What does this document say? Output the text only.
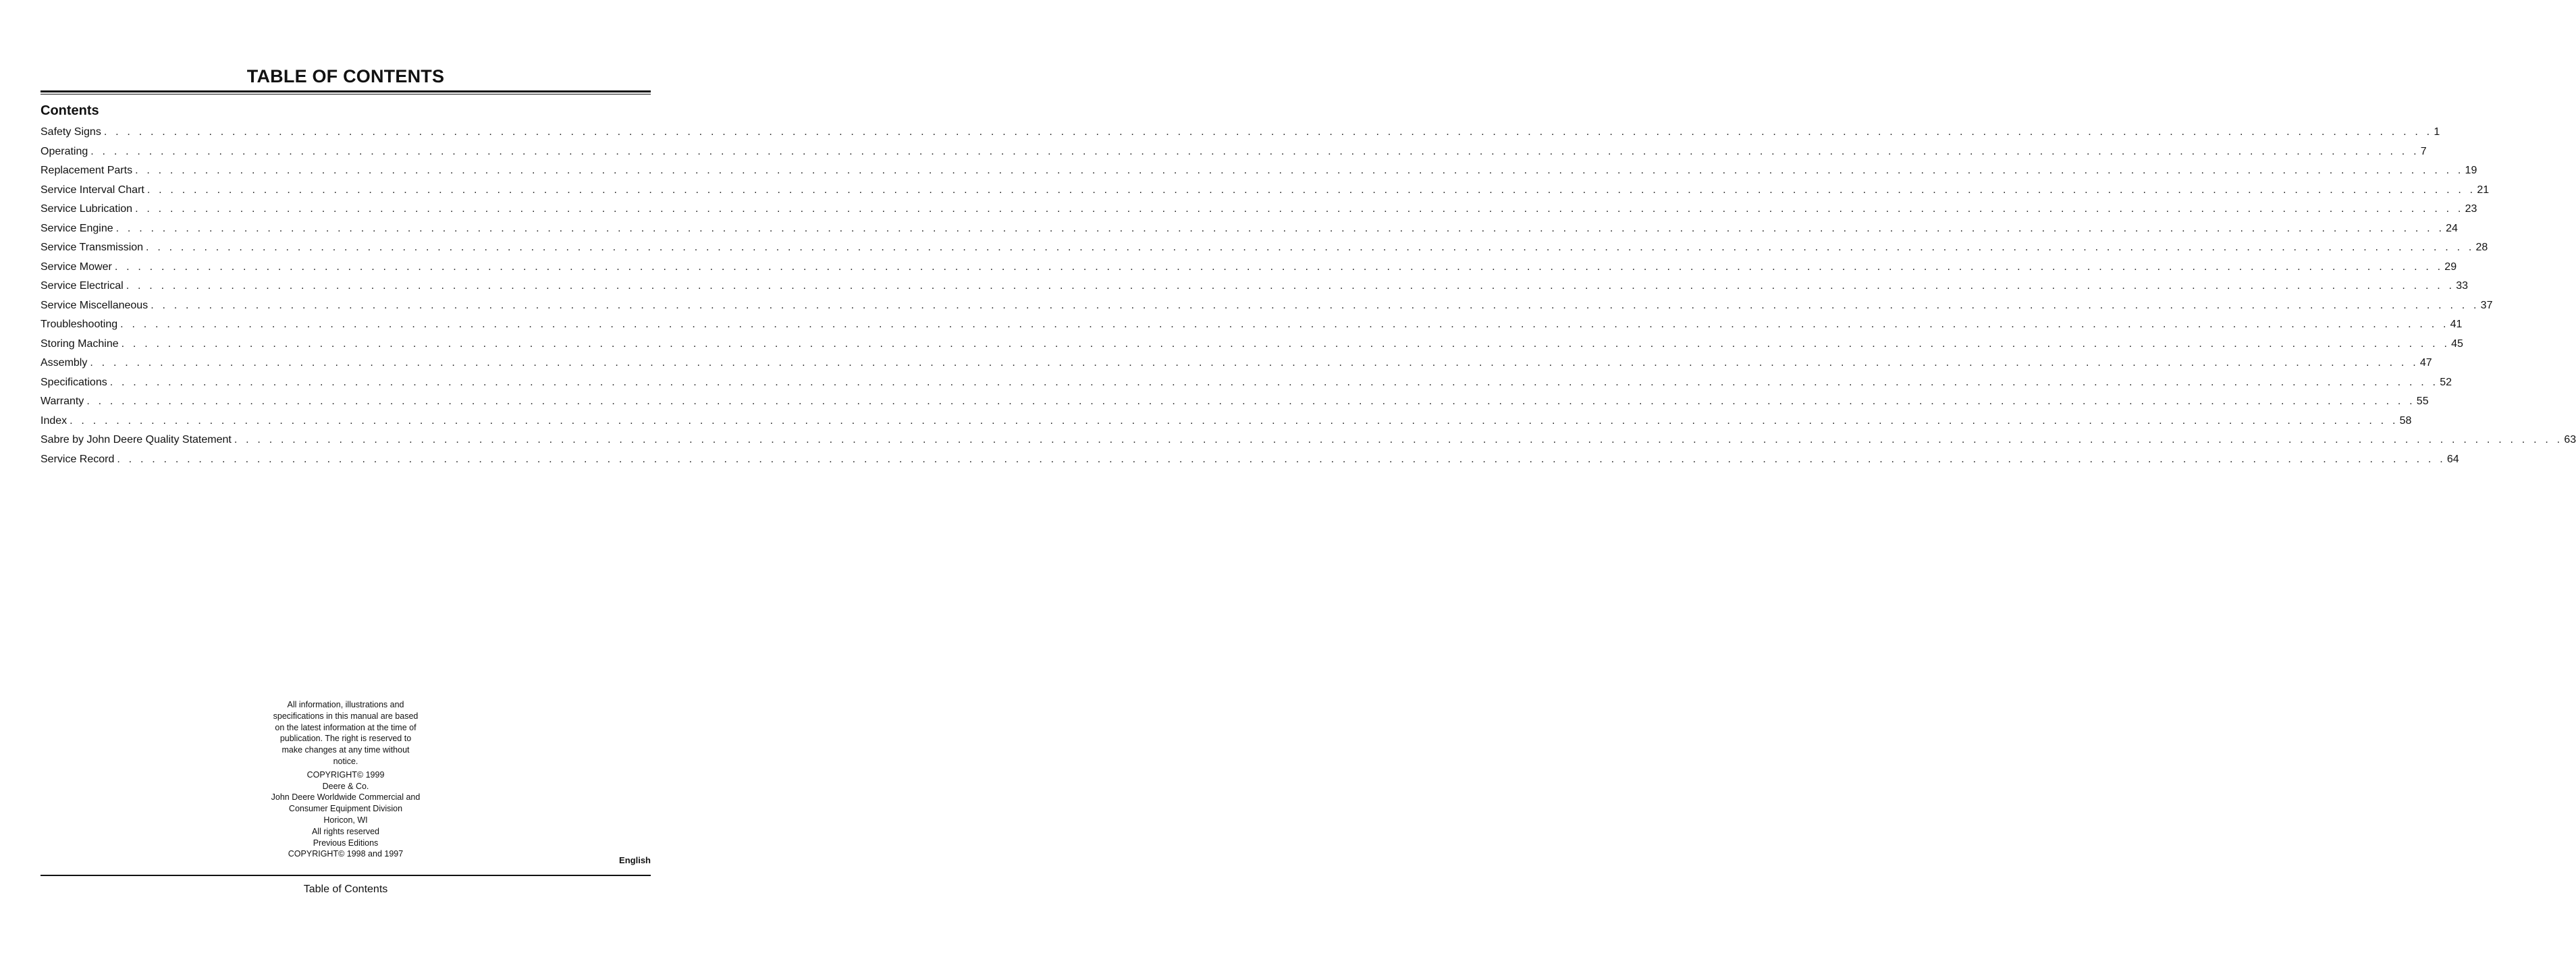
TABLE OF CONTENTS
Contents
Safety Signs . . . . . . . . . . . . . . . . . . . . . . . . . . . . . . . . . . . . . . . . . . . . . . . . . . . . . . . . . . . . . . . . . . . . . . . . . . . . . . . . . . . . . . . . . . . . . . . . . . . . . . . . . . . . . . . . . . . . . . . . . . . . . . . . . . . . . . . . . . . . . . . . . . . . . . . . . . . . . . . . . . . . . . . . . . . . . . . . . . . . . . . . . . . . . . . . . . . . . . . . 1
Operating . . . . . . . . . . . . . . . . . . . . . . . . . . . . . . . . . . . . . . . . . . . . . . . . . . . . . . . . . . . . . . . . . . . . . . . . . . . . . . . . . . . . . . . . . . . . . . . . . . . . . . . . . . . . . . . . . . . . . . . . . . . . . . . . . . . . . . . . . . . . . . . . . . . . . . . . . . . . . . . . . . . . . . . . . . . . . . . . . . . . . . . . . . . . . . . . . . . . . . . . 7
Replacement Parts . . . . . . . . . . . . . . . . . . . . . . . . . . . . . . . . . . . . . . . . . . . . . . . . . . . . . . . . . . . . . . . . . . . . . . . . . . . . . . . . . . . . . . . . . . . . . . . . . . . . . . . . . . . . . . . . . . . . . . . . . . . . . . . . . . . . . . . . . . . . . . . . . . . . . . . . . . . . . . . . . . . . . . . . . . . . . . . . . . . . . . . . . . . . . . . . . . . . . . . . 19
Service Interval Chart . . . . . . . . . . . . . . . . . . . . . . . . . . . . . . . . . . . . . . . . . . . . . . . . . . . . . . . . . . . . . . . . . . . . . . . . . . . . . . . . . . . . . . . . . . . . . . . . . . . . . . . . . . . . . . . . . . . . . . . . . . . . . . . . . . . . . . . . . . . . . . . . . . . . . . . . . . . . . . . . . . . . . . . . . . . . . . . . . . . . . . . . . . . . . . . . . . . . . . . . 21
Service Lubrication . . . . . . . . . . . . . . . . . . . . . . . . . . . . . . . . . . . . . . . . . . . . . . . . . . . . . . . . . . . . . . . . . . . . . . . . . . . . . . . . . . . . . . . . . . . . . . . . . . . . . . . . . . . . . . . . . . . . . . . . . . . . . . . . . . . . . . . . . . . . . . . . . . . . . . . . . . . . . . . . . . . . . . . . . . . . . . . . . . . . . . . . . . . . . . . . . . . . . . . . 23
Service Engine . . . . . . . . . . . . . . . . . . . . . . . . . . . . . . . . . . . . . . . . . . . . . . . . . . . . . . . . . . . . . . . . . . . . . . . . . . . . . . . . . . . . . . . . . . . . . . . . . . . . . . . . . . . . . . . . . . . . . . . . . . . . . . . . . . . . . . . . . . . . . . . . . . . . . . . . . . . . . . . . . . . . . . . . . . . . . . . . . . . . . . . . . . . . . . . . . . . . . . . . 24
Service Transmission . . . . . . . . . . . . . . . . . . . . . . . . . . . . . . . . . . . . . . . . . . . . . . . . . . . . . . . . . . . . . . . . . . . . . . . . . . . . . . . . . . . . . . . . . . . . . . . . . . . . . . . . . . . . . . . . . . . . . . . . . . . . . . . . . . . . . . . . . . . . . . . . . . . . . . . . . . . . . . . . . . . . . . . . . . . . . . . . . . . . . . . . . . . . . . . . . . . . . . . . 28
Service Mower . . . . . . . . . . . . . . . . . . . . . . . . . . . . . . . . . . . . . . . . . . . . . . . . . . . . . . . . . . . . . . . . . . . . . . . . . . . . . . . . . . . . . . . . . . . . . . . . . . . . . . . . . . . . . . . . . . . . . . . . . . . . . . . . . . . . . . . . . . . . . . . . . . . . . . . . . . . . . . . . . . . . . . . . . . . . . . . . . . . . . . . . . . . . . . . . . . . . . . . . 29
Service Electrical . . . . . . . . . . . . . . . . . . . . . . . . . . . . . . . . . . . . . . . . . . . . . . . . . . . . . . . . . . . . . . . . . . . . . . . . . . . . . . . . . . . . . . . . . . . . . . . . . . . . . . . . . . . . . . . . . . . . . . . . . . . . . . . . . . . . . . . . . . . . . . . . . . . . . . . . . . . . . . . . . . . . . . . . . . . . . . . . . . . . . . . . . . . . . . . . . . . . . . . . 33
Service Miscellaneous . . . . . . . . . . . . . . . . . . . . . . . . . . . . . . . . . . . . . . . . . . . . . . . . . . . . . . . . . . . . . . . . . . . . . . . . . . . . . . . . . . . . . . . . . . . . . . . . . . . . . . . . . . . . . . . . . . . . . . . . . . . . . . . . . . . . . . . . . . . . . . . . . . . . . . . . . . . . . . . . . . . . . . . . . . . . . . . . . . . . . . . . . . . . . . . . . . . . . . . . 37
Troubleshooting . . . . . . . . . . . . . . . . . . . . . . . . . . . . . . . . . . . . . . . . . . . . . . . . . . . . . . . . . . . . . . . . . . . . . . . . . . . . . . . . . . . . . . . . . . . . . . . . . . . . . . . . . . . . . . . . . . . . . . . . . . . . . . . . . . . . . . . . . . . . . . . . . . . . . . . . . . . . . . . . . . . . . . . . . . . . . . . . . . . . . . . . . . . . . . . . . . . . . . . . 41
Storing Machine . . . . . . . . . . . . . . . . . . . . . . . . . . . . . . . . . . . . . . . . . . . . . . . . . . . . . . . . . . . . . . . . . . . . . . . . . . . . . . . . . . . . . . . . . . . . . . . . . . . . . . . . . . . . . . . . . . . . . . . . . . . . . . . . . . . . . . . . . . . . . . . . . . . . . . . . . . . . . . . . . . . . . . . . . . . . . . . . . . . . . . . . . . . . . . . . . . . . . . . . 45
Assembly . . . . . . . . . . . . . . . . . . . . . . . . . . . . . . . . . . . . . . . . . . . . . . . . . . . . . . . . . . . . . . . . . . . . . . . . . . . . . . . . . . . . . . . . . . . . . . . . . . . . . . . . . . . . . . . . . . . . . . . . . . . . . . . . . . . . . . . . . . . . . . . . . . . . . . . . . . . . . . . . . . . . . . . . . . . . . . . . . . . . . . . . . . . . . . . . . . . . . . . . 47
Specifications . . . . . . . . . . . . . . . . . . . . . . . . . . . . . . . . . . . . . . . . . . . . . . . . . . . . . . . . . . . . . . . . . . . . . . . . . . . . . . . . . . . . . . . . . . . . . . . . . . . . . . . . . . . . . . . . . . . . . . . . . . . . . . . . . . . . . . . . . . . . . . . . . . . . . . . . . . . . . . . . . . . . . . . . . . . . . . . . . . . . . . . . . . . . . . . . . . . . . . . . 52
Warranty . . . . . . . . . . . . . . . . . . . . . . . . . . . . . . . . . . . . . . . . . . . . . . . . . . . . . . . . . . . . . . . . . . . . . . . . . . . . . . . . . . . . . . . . . . . . . . . . . . . . . . . . . . . . . . . . . . . . . . . . . . . . . . . . . . . . . . . . . . . . . . . . . . . . . . . . . . . . . . . . . . . . . . . . . . . . . . . . . . . . . . . . . . . . . . . . . . . . . . . . 55
Index . . . . . . . . . . . . . . . . . . . . . . . . . . . . . . . . . . . . . . . . . . . . . . . . . . . . . . . . . . . . . . . . . . . . . . . . . . . . . . . . . . . . . . . . . . . . . . . . . . . . . . . . . . . . . . . . . . . . . . . . . . . . . . . . . . . . . . . . . . . . . . . . . . . . . . . . . . . . . . . . . . . . . . . . . . . . . . . . . . . . . . . . . . . . . . . . . . . . . . . . 58
Sabre by John Deere Quality Statement . . . . . . . . . . . . . . . . . . . . . . . . . . . . . . . . . . . . . . . . . . . . . . . . . . . . . . . . . . . . . . . . . . . . . . . . . . . . . . . . . . . . . . . . . . . . . . . . . . . . . . . . . . . . . . . . . . . . . . . . . . . . . . . . . . . . . . . . . . . . . . . . . . . . . . . . . . . . . . . . . . . . . . . . . . . . . . . . . . . . . . . . . . . . . . . . . . . . . . . . 63
Service Record . . . . . . . . . . . . . . . . . . . . . . . . . . . . . . . . . . . . . . . . . . . . . . . . . . . . . . . . . . . . . . . . . . . . . . . . . . . . . . . . . . . . . . . . . . . . . . . . . . . . . . . . . . . . . . . . . . . . . . . . . . . . . . . . . . . . . . . . . . . . . . . . . . . . . . . . . . . . . . . . . . . . . . . . . . . . . . . . . . . . . . . . . . . . . . . . . . . . . . . . 64

All information, illustrations and
specifications in this manual are based
on the latest information at the time of
publication. The right is reserved to
make changes at any time without
notice.

COPYRIGHT© 1999
Deere & Co.
John Deere Worldwide Commercial and
Consumer Equipment Division
Horicon, WI
All rights reserved
Previous Editions
COPYRIGHT© 1998 and 1997

English
Table of Contents
